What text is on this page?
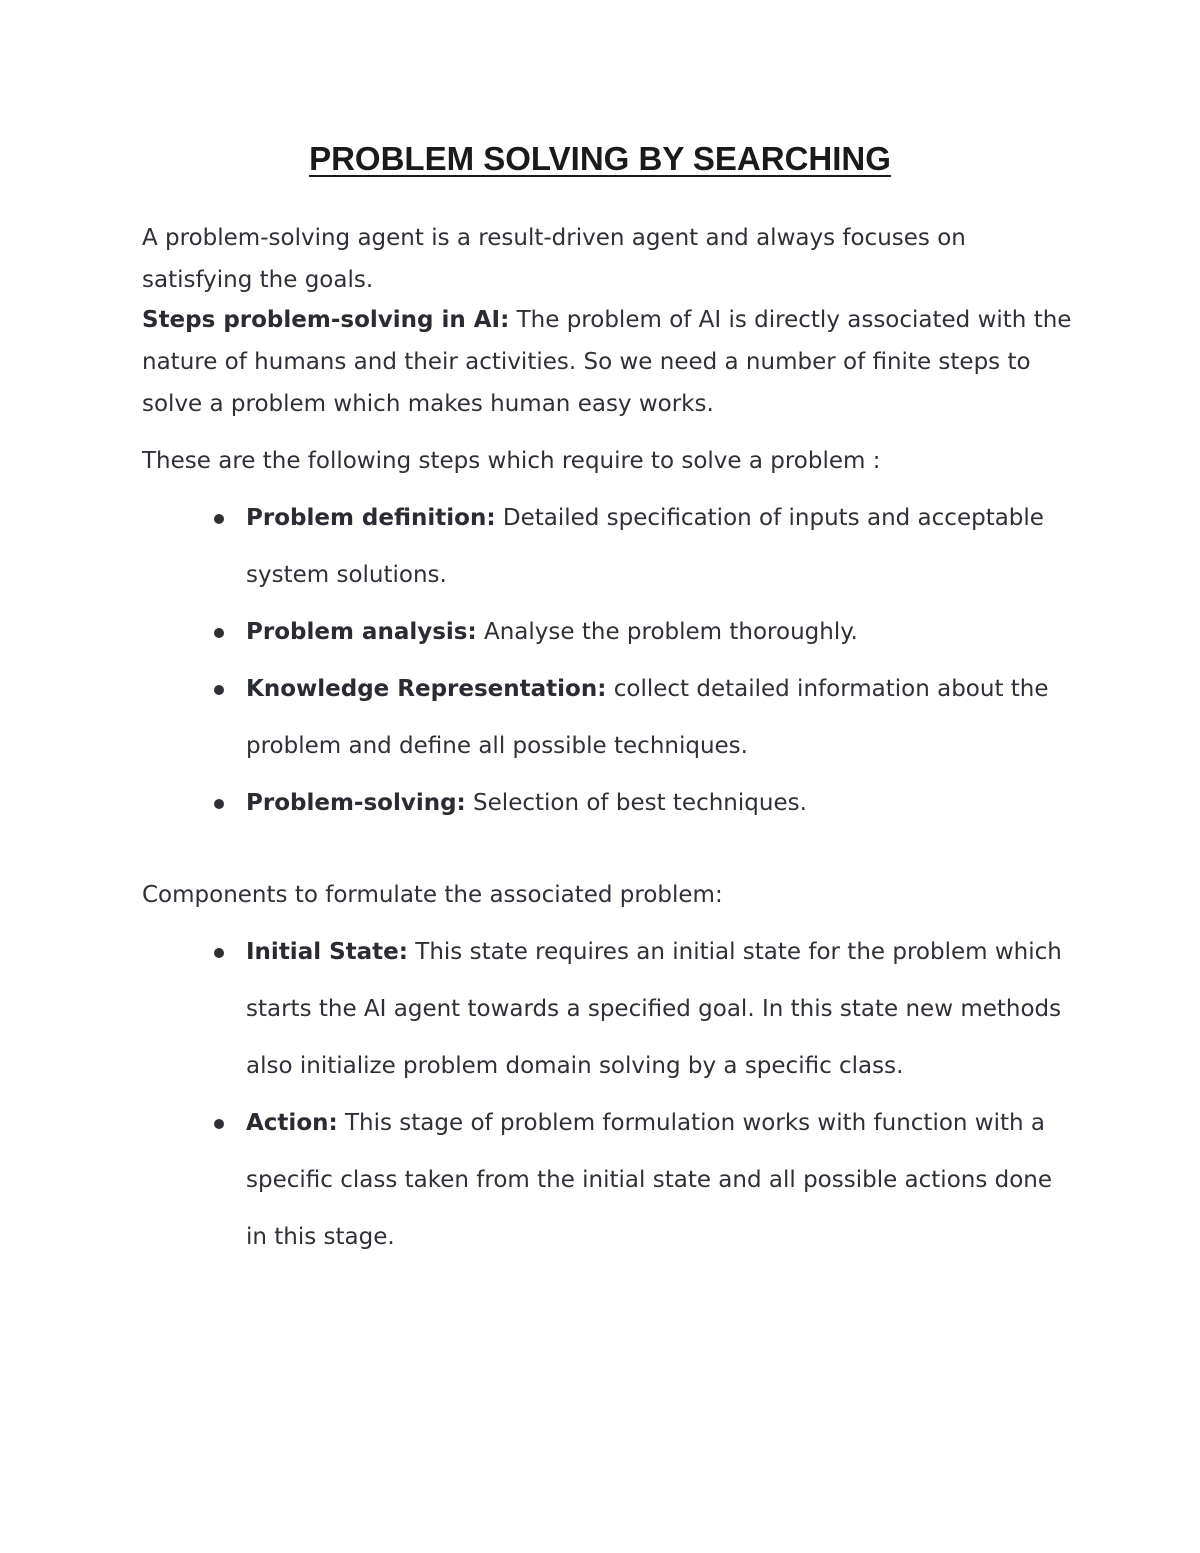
PROBLEM SOLVING BY SEARCHING

A problem-solving agent is a result-driven agent and always focuses on satisfying the goals.

Steps problem-solving in AI: The problem of AI is directly associated with the nature of humans and their activities. So we need a number of finite steps to solve a problem which makes human easy works.

These are the following steps which require to solve a problem :

Problem definition: Detailed specification of inputs and acceptable system solutions.
Problem analysis: Analyse the problem thoroughly.
Knowledge Representation: collect detailed information about the problem and define all possible techniques.
Problem-solving: Selection of best techniques.

Components to formulate the associated problem:

Initial State: This state requires an initial state for the problem which starts the AI agent towards a specified goal. In this state new methods also initialize problem domain solving by a specific class.
Action: This stage of problem formulation works with function with a specific class taken from the initial state and all possible actions done in this stage.
